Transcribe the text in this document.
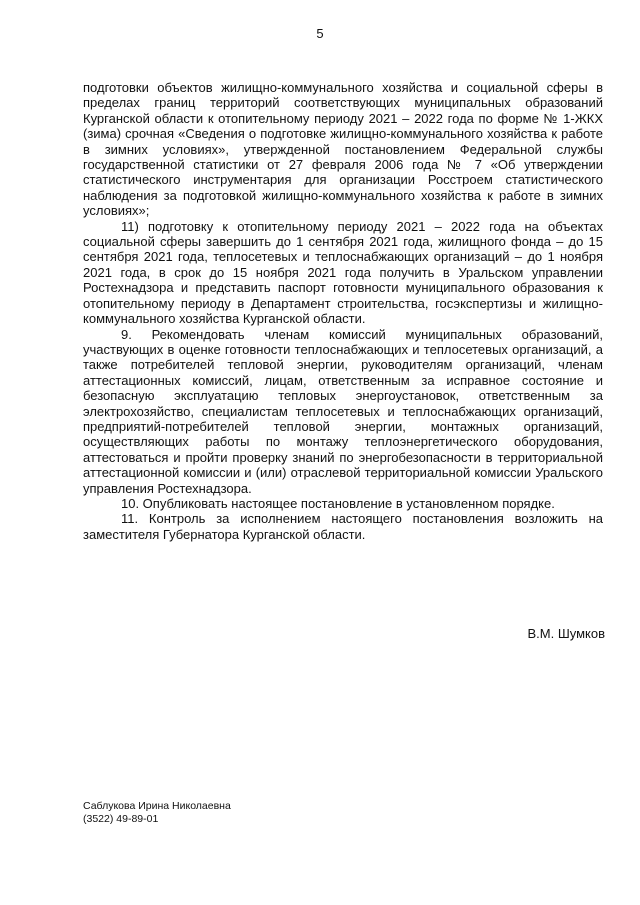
5

подготовки объектов жилищно-коммунального хозяйства и социальной сферы в пределах границ территорий соответствующих муниципальных образований Курганской области к отопительному периоду 2021 – 2022 года по форме № 1-ЖКХ (зима) срочная «Сведения о подготовке жилищно-коммунального хозяйства к работе в зимних условиях», утвержденной постановлением Федеральной службы государственной статистики от 27 февраля 2006 года № 7 «Об утверждении статистического инструментария для организации Росстроем статистического наблюдения за подготовкой жилищно-коммунального хозяйства к работе в зимних условиях»;

11) подготовку к отопительному периоду 2021 – 2022 года на объектах социальной сферы завершить до 1 сентября 2021 года, жилищного фонда – до 15 сентября 2021 года, теплосетевых и теплоснабжающих организаций – до 1 ноября 2021 года, в срок до 15 ноября 2021 года получить в Уральском управлении Ростехнадзора и представить паспорт готовности муниципального образования к отопительному периоду в Департамент строительства, госэкспертизы и жилищно-коммунального хозяйства Курганской области.

9. Рекомендовать членам комиссий муниципальных образований, участвующих в оценке готовности теплоснабжающих и теплосетевых организаций, а также потребителей тепловой энергии, руководителям организаций, членам аттестационных комиссий, лицам, ответственным за исправное состояние и безопасную эксплуатацию тепловых энергоустановок, ответственным за электрохозяйство, специалистам теплосетевых и теплоснабжающих организаций, предприятий-потребителей тепловой энергии, монтажных организаций, осуществляющих работы по монтажу теплоэнергетического оборудования, аттестоваться и пройти проверку знаний по энергобезопасности в территориальной аттестационной комиссии и (или) отраслевой территориальной комиссии Уральского управления Ростехнадзора.

10. Опубликовать настоящее постановление в установленном порядке.

11. Контроль за исполнением настоящего постановления возложить на заместителя Губернатора Курганской области.

В.М. Шумков
Саблукова Ирина Николаевна
(3522) 49-89-01
